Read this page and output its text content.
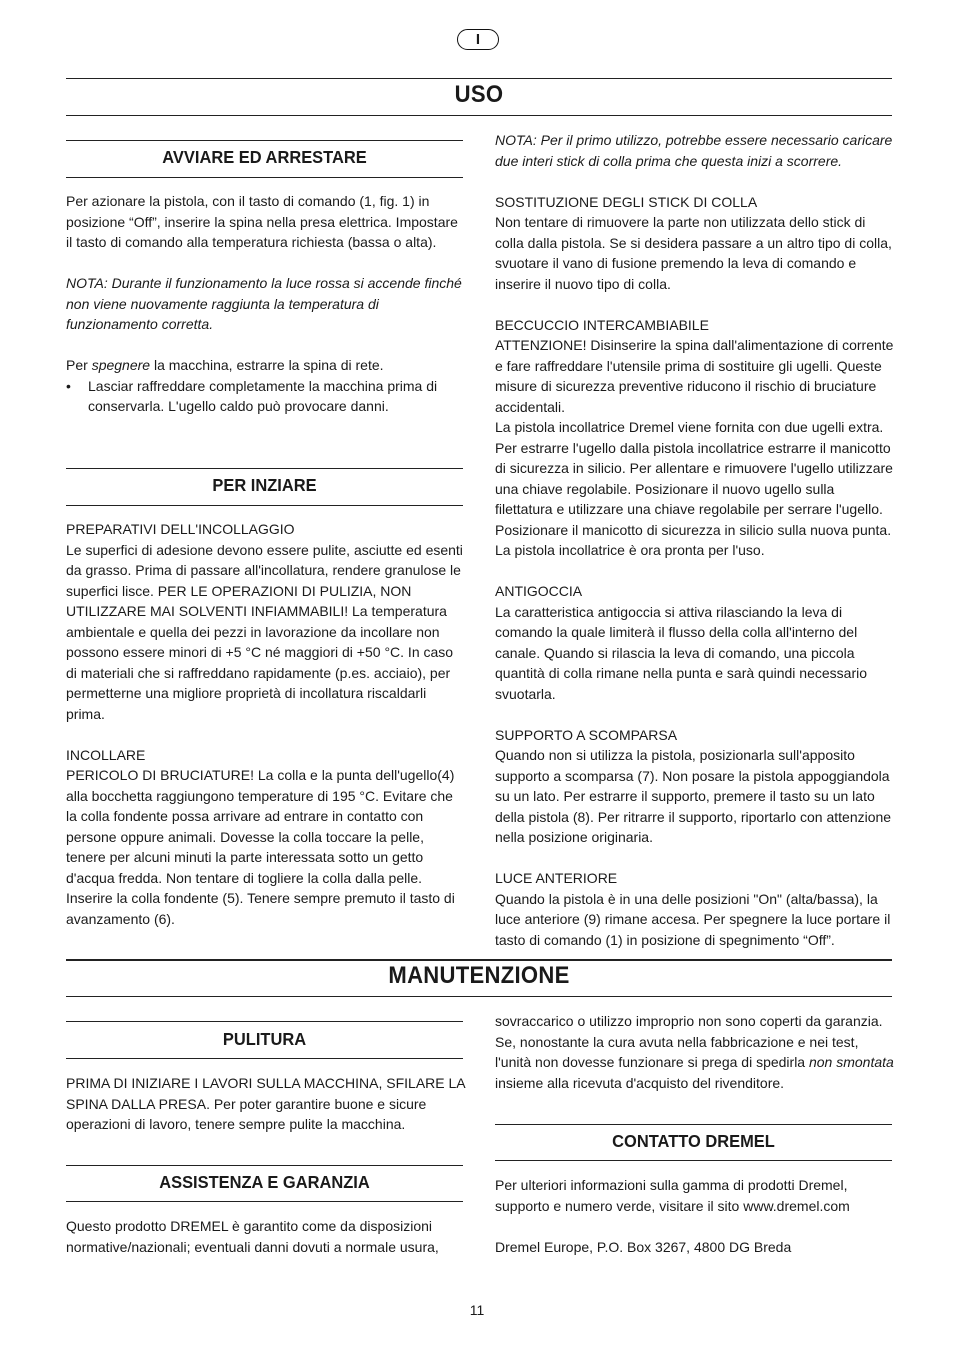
I
USO
AVVIARE ED ARRESTARE

Per azionare la pistola, con il tasto di comando (1, fig. 1) in posizione “Off”, inserire la spina nella presa elettrica. Impostare il tasto di comando alla temperatura richiesta (bassa o alta).

NOTA: Durante il funzionamento la luce rossa si accende finché non viene nuovamente raggiunta la temperatura di funzionamento corretta.

Per spegnere la macchina, estrarre la spina di rete.

• Lasciar raffreddare completamente la macchina prima di conservarla. L'ugello caldo può provocare danni.
PER INZIARE

PREPARATIVI DELL'INCOLLAGGIO

Le superfici di adesione devono essere pulite, asciutte ed esenti da grasso. Prima di passare all'incollatura, rendere granulose le superfici lisce. PER LE OPERAZIONI DI PULIZIA, NON UTILIZZARE MAI SOLVENTI INFIAMMABILI! La temperatura ambientale e quella dei pezzi in lavorazione da incollare non possono essere minori di +5 °C né maggiori di +50 °C. In caso di materiali che si raffreddano rapidamente (p.es. acciaio), per permetterne una migliore proprietà di incollatura riscaldarli prima.

INCOLLARE

PERICOLO DI BRUCIATURE! La colla e la punta dell'ugello(4) alla bocchetta raggiungono temperature di 195 °C. Evitare che la colla fondente possa arrivare ad entrare in contatto con persone oppure animali. Dovesse la colla toccare la pelle, tenere per alcuni minuti la parte interessata sotto un getto d'acqua fredda. Non tentare di togliere la colla dalla pelle. Inserire la colla fondente (5). Tenere sempre premuto il tasto di avanzamento (6).

NOTA: Per il primo utilizzo, potrebbe essere necessario caricare due interi stick di colla prima che questa inizi a scorrere.

SOSTITUZIONE DEGLI STICK DI COLLA

Non tentare di rimuovere la parte non utilizzata dello stick di colla dalla pistola. Se si desidera passare a un altro tipo di colla, svuotare il vano di fusione premendo la leva di comando e inserire il nuovo tipo di colla.

BECCUCCIO INTERCAMBIABILE

ATTENZIONE! Disinserire la spina dall'alimentazione di corrente e fare raffreddare l'utensile prima di sostituire gli ugelli. Queste misure di sicurezza preventive riducono il rischio di bruciature accidentali.

La pistola incollatrice Dremel viene fornita con due ugelli extra. Per estrarre l'ugello dalla pistola incollatrice estrarre il manicotto di sicurezza in silicio. Per allentare e rimuovere l'ugello utilizzare una chiave regolabile. Posizionare il nuovo ugello sulla filettatura e utilizzare una chiave regolabile per serrare l'ugello. Posizionare il manicotto di sicurezza in silicio sulla nuova punta. La pistola incollatrice è ora pronta per l'uso.

ANTIGOCCIA

La caratteristica antigoccia si attiva rilasciando la leva di comando la quale limiterà il flusso della colla all'interno del canale. Quando si rilascia la leva di comando, una piccola quantità di colla rimane nella punta e sarà quindi necessario svuotarla.

SUPPORTO A SCOMPARSA

Quando non si utilizza la pistola, posizionarla sull'apposito supporto a scomparsa (7). Non posare la pistola appoggiandola su un lato. Per estrarre il supporto, premere il tasto su un lato della pistola (8). Per ritrarre il supporto, riportarlo con attenzione nella posizione originaria.

LUCE ANTERIORE

Quando la pistola è in una delle posizioni "On" (alta/bassa), la luce anteriore (9) rimane accesa. Per spegnere la luce portare il tasto di comando (1) in posizione di spegnimento “Off”.

MANUTENZIONE
PULITURA
PRIMA DI INIZIARE I LAVORI SULLA MACCHINA, SFILARE LA SPINA DALLA PRESA. Per poter garantire buone e sicure operazioni di lavoro, tenere sempre pulite la macchina.
ASSISTENZA E GARANZIA
Questo prodotto DREMEL è garantito come da disposizioni normative/nazionali; eventuali danni dovuti a normale usura,
sovraccarico o utilizzo improprio non sono coperti da garanzia. Se, nonostante la cura avuta nella fabbricazione e nei test, l'unità non dovesse funzionare si prega di spedirla non smontata insieme alla ricevuta d'acquisto del rivenditore.
CONTATTO DREMEL

Per ulteriori informazioni sulla gamma di prodotti Dremel, supporto e numero verde, visitare il sito www.dremel.com

Dremel Europe, P.O. Box 3267, 4800 DG Breda

11
